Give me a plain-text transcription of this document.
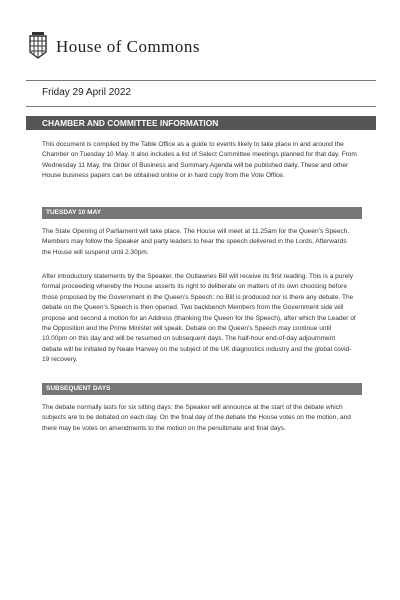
House of Commons
Friday 29 April 2022
CHAMBER AND COMMITTEE INFORMATION
This document is compiled by the Table Office as a guide to events likely to take place in and around the Chamber on Tuesday 10 May. It also includes a list of Select Committee meetings planned for that day. From Wednesday 11 May, the Order of Business and Summary Agenda will be published daily. These and other House business papers can be obtained online or in hard copy from the Vote Office.
TUESDAY 10 MAY
The State Opening of Parliament will take place. The House will meet at 11.25am for the Queen’s Speech. Members may follow the Speaker and party leaders to hear the speech delivered in the Lords. Afterwards the House will suspend until 2.30pm.
After introductory statements by the Speaker, the Outlawries Bill will receive its first reading. This is a purely formal proceeding whereby the House asserts its right to deliberate on matters of its own choosing before those proposed by the Government in the Queen’s Speech: no Bill is produced nor is there any debate. The debate on the Queen’s Speech is then opened. Two backbench Members from the Government side will propose and second a motion for an Address (thanking the Queen for the Speech), after which the Leader of the Opposition and the Prime Minister will speak. Debate on the Queen’s Speech may continue until 10.00pm on this day and will be resumed on subsequent days. The half-hour end-of-day adjournment debate will be initiated by Neale Hanvey on the subject of the UK diagnostics industry and the global covid-19 recovery.
SUBSEQUENT DAYS
The debate normally lasts for six sitting days: the Speaker will announce at the start of the debate which subjects are to be debated on each day. On the final day of the debate the House votes on the motion, and there may be votes on amendments to the motion on the penultimate and final days.
